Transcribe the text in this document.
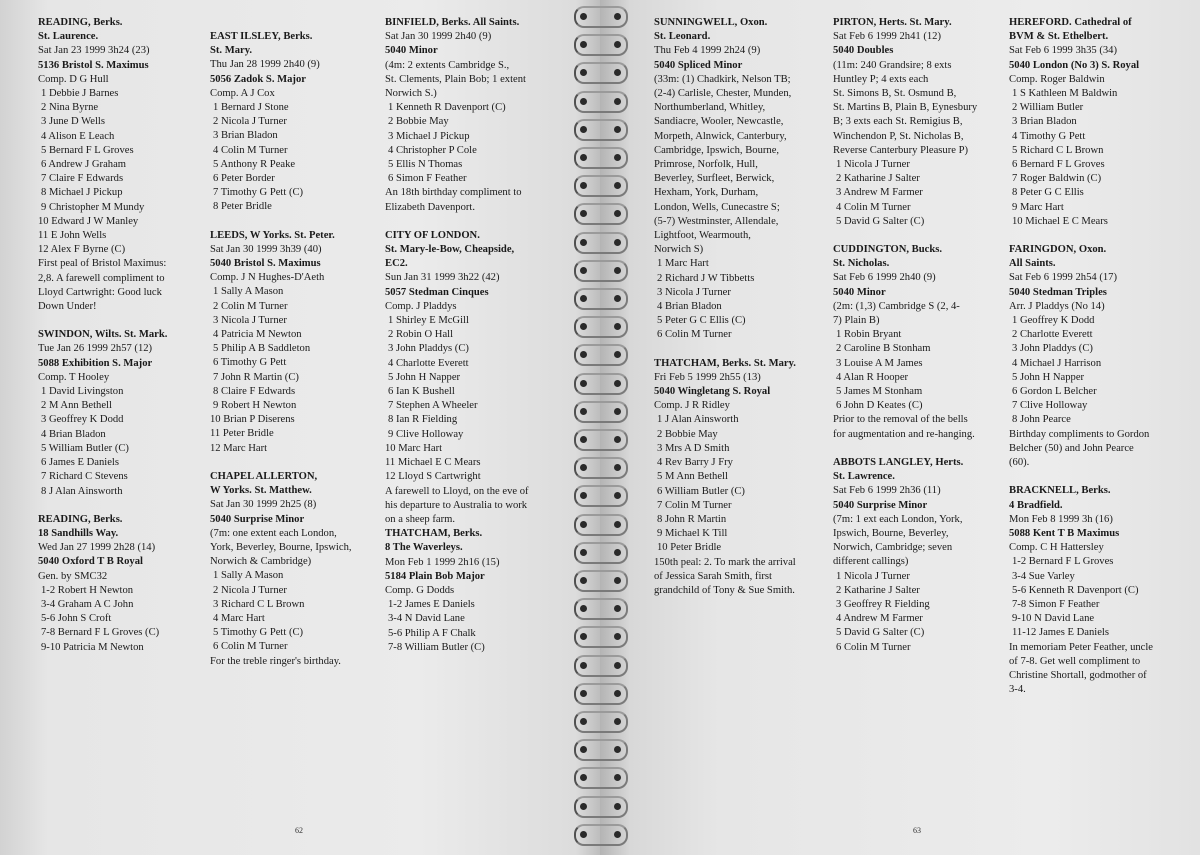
READING, Berks.
St. Laurence.
Sat Jan 23 1999 3h24 (23)
5136 Bristol S. Maximus
Comp. D G Hull
1 Debbie J Barnes
2 Nina Byrne
3 June D Wells
4 Alison E Leach
5 Bernard F L Groves
6 Andrew J Graham
7 Claire F Edwards
8 Michael J Pickup
9 Christopher M Mundy
10 Edward J W Manley
11 E John Wells
12 Alex F Byrne (C)
First peal of Bristol Maximus:
2,8. A farewell compliment to
Lloyd Cartwright: Good luck
Down Under!
SWINDON, Wilts. St. Mark.
Tue Jan 26 1999 2h57 (12)
5088 Exhibition S. Major
Comp. T Hooley
1 David Livingston
2 M Ann Bethell
3 Geoffrey K Dodd
4 Brian Bladon
5 William Butler (C)
6 James E Daniels
7 Richard C Stevens
8 J Alan Ainsworth
READING, Berks.
18 Sandhills Way.
Wed Jan 27 1999 2h28 (14)
5040 Oxford T B Royal
Gen. by SMC32
1-2 Robert H Newton
3-4 Graham A C John
5-6 John S Croft
7-8 Bernard F L Groves (C)
9-10 Patricia M Newton
EAST ILSLEY, Berks.
St. Mary.
Thu Jan 28 1999 2h40 (9)
5056 Zadok S. Major
Comp. A J Cox
1 Bernard J Stone
2 Nicola J Turner
3 Brian Bladon
4 Colin M Turner
5 Anthony R Peake
6 Peter Border
7 Timothy G Pett (C)
8 Peter Bridle
LEEDS, W Yorks. St. Peter.
Sat Jan 30 1999 3h39 (40)
5040 Bristol S. Maximus
Comp. J N Hughes-D'Aeth
1 Sally A Mason
2 Colin M Turner
3 Nicola J Turner
4 Patricia M Newton
5 Philip A B Saddleton
6 Timothy G Pett
7 John R Martin (C)
8 Claire F Edwards
9 Robert H Newton
10 Brian P Diserens
11 Peter Bridle
12 Marc Hart
CHAPEL ALLERTON,
W Yorks. St. Matthew.
Sat Jan 30 1999 2h25 (8)
5040 Surprise Minor
(7m: one extent each London,
York, Beverley, Bourne, Ipswich,
Norwich & Cambridge)
1 Sally A Mason
2 Nicola J Turner
3 Richard C L Brown
4 Marc Hart
5 Timothy G Pett (C)
6 Colin M Turner
For the treble ringer's birthday.
BINFIELD, Berks. All Saints.
Sat Jan 30 1999 2h40 (9)
5040 Minor
(4m: 2 extents Cambridge S.,
St. Clements, Plain Bob; 1 extent
Norwich S.)
1 Kenneth R Davenport (C)
2 Bobbie May
3 Michael J Pickup
4 Christopher P Cole
5 Ellis N Thomas
6 Simon F Feather
An 18th birthday compliment to
Elizabeth Davenport.
CITY OF LONDON.
St. Mary-le-Bow, Cheapside,
EC2.
Sun Jan 31 1999 3h22 (42)
5057 Stedman Cinques
Comp. J Pladdys
1 Shirley E McGill
2 Robin O Hall
3 John Pladdys (C)
4 Charlotte Everett
5 John H Napper
6 Ian K Bushell
7 Stephen A Wheeler
8 Ian R Fielding
9 Clive Holloway
10 Marc Hart
11 Michael E C Mears
12 Lloyd S Cartwright
A farewell to Lloyd, on the eve of
his departure to Australia to work
on a sheep farm.
THATCHAM, Berks.
8 The Waverleys.
Mon Feb 1 1999 2h16 (15)
5184 Plain Bob Major
Comp. G Dodds
1-2 James E Daniels
3-4 N David Lane
5-6 Philip A F Chalk
7-8 William Butler (C)
62
SUNNINGWELL, Oxon.
St. Leonard.
Thu Feb 4 1999 2h24 (9)
5040 Spliced Minor
(33m: (1) Chadkirk, Nelson TB;
(2-4) Carlisle, Chester, Munden,
Northumberland, Whitley,
Sandiacre, Wooler, Newcastle,
Morpeth, Alnwick, Canterbury,
Cambridge, Ipswich, Bourne,
Primrose, Norfolk, Hull,
Beverley, Surfleet, Berwick,
Hexham, York, Durham,
London, Wells, Cunecastre S;
(5-7) Westminster, Allendale,
Lightfoot, Wearmouth,
Norwich S)
1 Marc Hart
2 Richard J W Tibbetts
3 Nicola J Turner
4 Brian Bladon
5 Peter G C Ellis (C)
6 Colin M Turner
THATCHAM, Berks. St. Mary.
Fri Feb 5 1999 2h55 (13)
5040 Wingletang S. Royal
Comp. J R Ridley
1 J Alan Ainsworth
2 Bobbie May
3 Mrs A D Smith
4 Rev Barry J Fry
5 M Ann Bethell
6 William Butler (C)
7 Colin M Turner
8 John R Martin
9 Michael K Till
10 Peter Bridle
150th peal: 2. To mark the arrival
of Jessica Sarah Smith, first
grandchild of Tony & Sue Smith.
PIRTON, Herts. St. Mary.
Sat Feb 6 1999 2h41 (12)
5040 Doubles
(11m: 240 Grandsire; 8 exts
Huntley P; 4 exts each
St. Simons B, St. Osmund B,
St. Martins B, Plain B, Eynesbury
B; 3 exts each St. Remigius B,
Winchendon P, St. Nicholas B,
Reverse Canterbury Pleasure P)
1 Nicola J Turner
2 Katharine J Salter
3 Andrew M Farmer
4 Colin M Turner
5 David G Salter (C)
CUDDINGTON, Bucks.
St. Nicholas.
Sat Feb 6 1999 2h40 (9)
5040 Minor
(2m: (1,3) Cambridge S (2, 4-
7) Plain B)
1 Robin Bryant
2 Caroline B Stonham
3 Louise A M James
4 Alan R Hooper
5 James M Stonham
6 John D Keates (C)
Prior to the removal of the bells
for augmentation and re-hanging.
ABBOTS LANGLEY, Herts.
St. Lawrence.
Sat Feb 6 1999 2h36 (11)
5040 Surprise Minor
(7m: 1 ext each London, York,
Ipswich, Bourne, Beverley,
Norwich, Cambridge; seven
different callings)
1 Nicola J Turner
2 Katharine J Salter
3 Geoffrey R Fielding
4 Andrew M Farmer
5 David G Salter (C)
6 Colin M Turner
HEREFORD. Cathedral of
BVM & St. Ethelbert.
Sat Feb 6 1999 3h35 (34)
5040 London (No 3) S. Royal
Comp. Roger Baldwin
1 S Kathleen M Baldwin
2 William Butler
3 Brian Bladon
4 Timothy G Pett
5 Richard C L Brown
6 Bernard F L Groves
7 Roger Baldwin (C)
8 Peter G C Ellis
9 Marc Hart
10 Michael E C Mears
FARINGDON, Oxon.
All Saints.
Sat Feb 6 1999 2h54 (17)
5040 Stedman Triples
Arr. J Pladdys (No 14)
1 Geoffrey K Dodd
2 Charlotte Everett
3 John Pladdys (C)
4 Michael J Harrison
5 John H Napper
6 Gordon L Belcher
7 Clive Holloway
8 John Pearce
Birthday compliments to Gordon
Belcher (50) and John Pearce
(60).
BRACKNELL, Berks.
4 Bradfield.
Mon Feb 8 1999 3h (16)
5088 Kent T B Maximus
Comp. C H Hattersley
1-2 Bernard F L Groves
3-4 Sue Varley
5-6 Kenneth R Davenport (C)
7-8 Simon F Feather
9-10 N David Lane
11-12 James E Daniels
In memoriam Peter Feather, uncle
of 7-8. Get well compliment to
Christine Shortall, godmother of
3-4.
63
